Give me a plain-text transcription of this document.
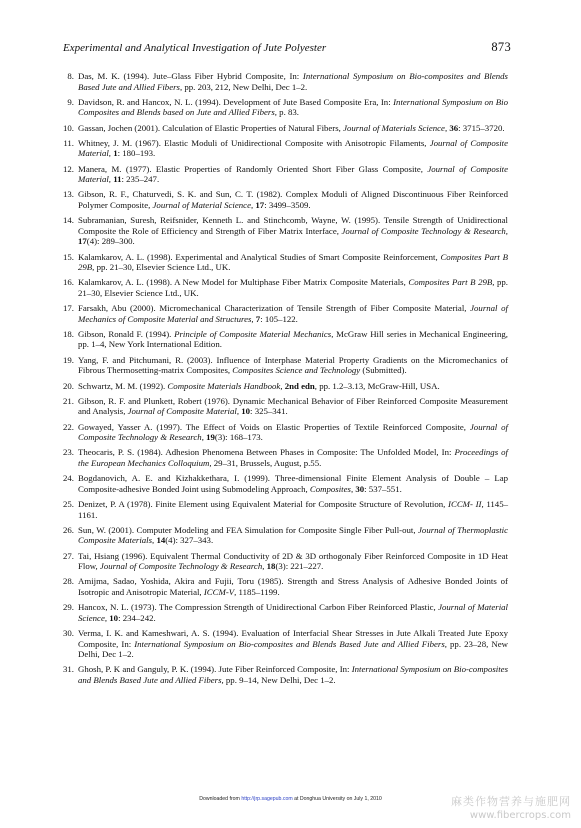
Experimental and Analytical Investigation of Jute Polyester	873
8. Das, M. K. (1994). Jute–Glass Fiber Hybrid Composite, In: International Symposium on Bio-composites and Blends Based Jute and Allied Fibers, pp. 203, 212, New Delhi, Dec 1–2.
9. Davidson, R. and Hancox, N. L. (1994). Development of Jute Based Composite Era, In: International Symposium on Bio Composites and Blends based on Jute and Allied Fibers, p. 83.
10. Gassan, Jochen (2001). Calculation of Elastic Properties of Natural Fibers, Journal of Materials Science, 36: 3715–3720.
11. Whitney, J. M. (1967). Elastic Moduli of Unidirectional Composite with Anisotropic Filaments, Journal of Composite Material, 1: 180–193.
12. Manera, M. (1977). Elastic Properties of Randomly Oriented Short Fiber Glass Composite, Journal of Composite Material, 11: 235–247.
13. Gibson, R. F., Chaturvedi, S. K. and Sun, C. T. (1982). Complex Moduli of Aligned Discontinuous Fiber Reinforced Polymer Composite, Journal of Material Science, 17: 3499–3509.
14. Subramanian, Suresh, Reifsnider, Kenneth L. and Stinchcomb, Wayne, W. (1995). Tensile Strength of Unidirectional Composite the Role of Efficiency and Strength of Fiber Matrix Interface, Journal of Composite Technology & Research, 17(4): 289–300.
15. Kalamkarov, A. L. (1998). Experimental and Analytical Studies of Smart Composite Reinforcement, Composites Part B 29B, pp. 21–30, Elsevier Science Ltd., UK.
16. Kalamkarov, A. L. (1998). A New Model for Multiphase Fiber Matrix Composite Materials, Composites Part B 29B, pp. 21–30, Elsevier Science Ltd., UK.
17. Farsakh, Abu (2000). Micromechanical Characterization of Tensile Strength of Fiber Composite Material, Journal of Mechanics of Composite Material and Structures, 7: 105–122.
18. Gibson, Ronald F. (1994). Principle of Composite Material Mechanics, McGraw Hill series in Mechanical Engineering, pp. 1–4, New York International Edition.
19. Yang, F. and Pitchumani, R. (2003). Influence of Interphase Material Property Gradients on the Micromechanics of Fibrous Thermosetting-matrix Composites, Composites Science and Technology (Submitted).
20. Schwartz, M. M. (1992). Composite Materials Handbook, 2nd edn, pp. 1.2–3.13, McGraw-Hill, USA.
21. Gibson, R. F. and Plunkett, Robert (1976). Dynamic Mechanical Behavior of Fiber Reinforced Composite Measurement and Analysis, Journal of Composite Material, 10: 325–341.
22. Gowayed, Yasser A. (1997). The Effect of Voids on Elastic Properties of Textile Reinforced Composite, Journal of Composite Technology & Research, 19(3): 168–173.
23. Theocaris, P. S. (1984). Adhesion Phenomena Between Phases in Composite: The Unfolded Model, In: Proceedings of the European Mechanics Colloquium, 29–31, Brussels, August, p.55.
24. Bogdanovich, A. E. and Kizhakkethara, I. (1999). Three-dimensional Finite Element Analysis of Double – Lap Composite-adhesive Bonded Joint using Submodeling Approach, Composites, 30: 537–551.
25. Denizet, P. A (1978). Finite Element using Equivalent Material for Composite Structure of Revolution, ICCM- II, 1145–1161.
26. Sun, W. (2001). Computer Modeling and FEA Simulation for Composite Single Fiber Pull-out, Journal of Thermoplastic Composite Materials, 14(4): 327–343.
27. Tai, Hsiang (1996). Equivalent Thermal Conductivity of 2D & 3D orthogonaly Fiber Reinforced Composite in 1D Heat Flow, Journal of Composite Technology & Research, 18(3): 221–227.
28. Amijma, Sadao, Yoshida, Akira and Fujii, Toru (1985). Strength and Stress Analysis of Adhesive Bonded Joints of Isotropic and Anisotropic Material, ICCM-V, 1185–1199.
29. Hancox, N. L. (1973). The Compression Strength of Unidirectional Carbon Fiber Reinforced Plastic, Journal of Material Science, 10: 234–242.
30. Verma, I. K. and Kameshwari, A. S. (1994). Evaluation of Interfacial Shear Stresses in Jute Alkali Treated Jute Epoxy Composite, In: International Symposium on Bio-composites and Blends Based Jute and Allied Fibers, pp. 23–28, New Delhi, Dec 1–2.
31. Ghosh, P. K and Ganguly, P. K. (1994). Jute Fiber Reinforced Composite, In: International Symposium on Bio-composites and Blends Based Jute and Allied Fibers, pp. 9–14, New Delhi, Dec 1–2.
Downloaded from http://jrp.sagepub.com at Donghua University on July 1, 2010	麻类作物营养与施肥网
www.fibercrops.com
